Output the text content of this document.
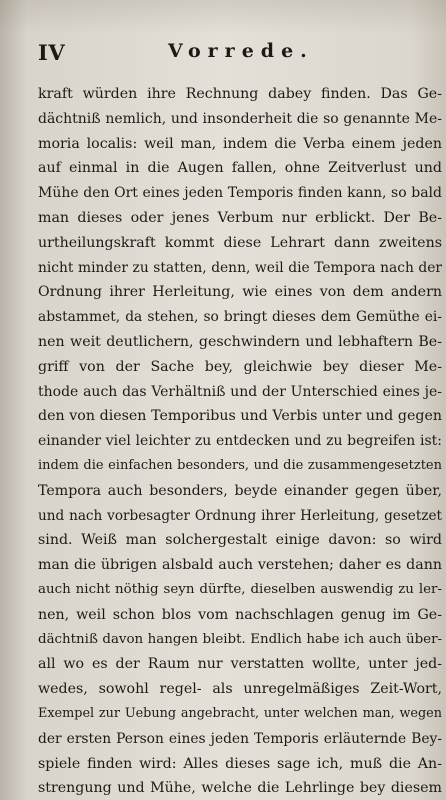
IV	Vorrede.
kraft würden ihre Rechnung dabey finden. Das Ge-
dächtniß nemlich, und insonderheit die so genannte Me-
moria localis: weil man, indem die Verba einem jeden
auf einmal in die Augen fallen, ohne Zeitverlust und
Mühe den Ort eines jeden Temporis finden kann, so bald
man dieses oder jenes Verbum nur erblickt. Der Be-
urtheilungskraft kommt diese Lehrart dann zweitens
nicht minder zu statten, denn, weil die Tempora nach der
Ordnung ihrer Herleitung, wie eines von dem andern
abstammet, da stehen, so bringt dieses dem Gemüthe ei-
nen weit deutlichern, geschwindern und lebhaftern Be-
griff von der Sache bey, gleichwie bey dieser Me-
thode auch das Verhältniß und der Unterschied eines je-
den von diesen Temporibus und Verbis unter und gegen
einander viel leichter zu entdecken und zu begreifen ist:
indem die einfachen besonders, und die zusammengesetzten
Tempora auch besonders, beyde einander gegen über,
und nach vorbesagter Ordnung ihrer Herleitung, gesetzet
sind. Weiß man solchergestalt einige davon: so wird
man die übrigen alsbald auch verstehen; daher es dann
auch nicht nöthig seyn dürfte, dieselben auswendig zu ler-
nen, weil schon blos vom nachschlagen genug im Ge-
dächtniß davon hangen bleibt. Endlich habe ich auch über-
all wo es der Raum nur verstatten wollte, unter jed-
wedes, sowohl regel- als unregelmäßiges Zeit-Wort,
Exempel zur Uebung angebracht, unter welchen man, wegen
der ersten Person eines jeden Temporis erläuternde Bey-
spiele finden wird: Alles dieses sage ich, muß die An-
strengung und Mühe, welche die Lehrlinge bey diesem
